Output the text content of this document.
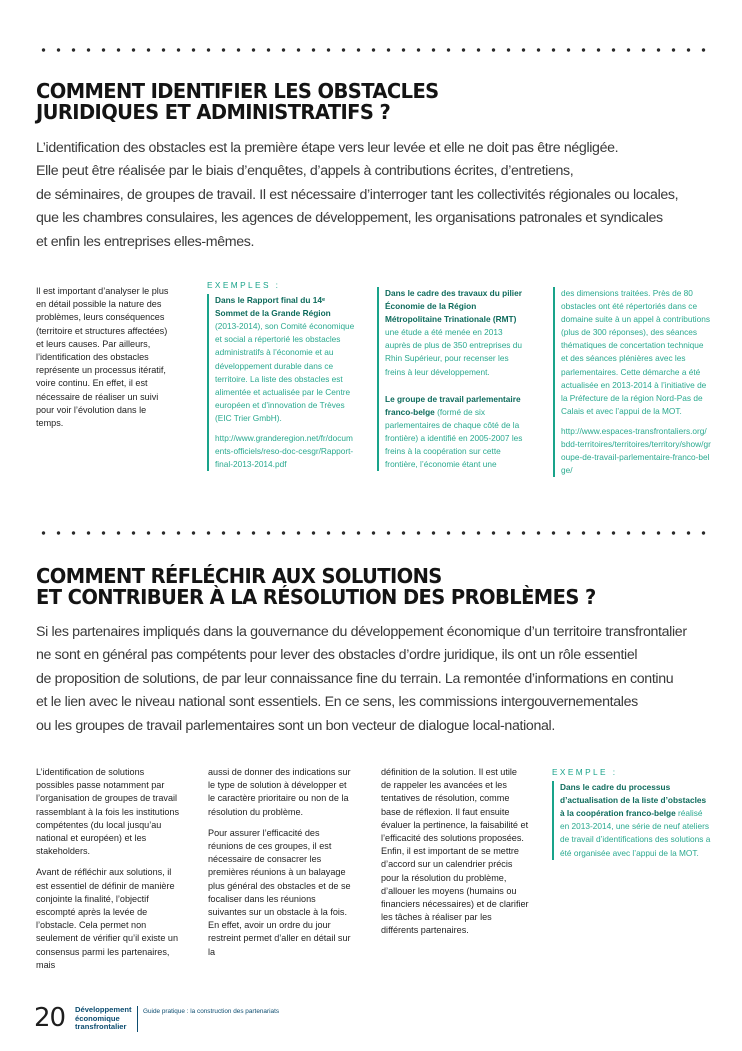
COMMENT IDENTIFIER LES OBSTACLES
JURIDIQUES ET ADMINISTRATIFS ?
L’identification des obstacles est la première étape vers leur levée et elle ne doit pas être négligée.
Elle peut être réalisée par le biais d’enquêtes, d’appels à contributions écrites, d’entretiens,
de séminaires, de groupes de travail. Il est nécessaire d’interroger tant les collectivités régionales ou locales,
que les chambres consulaires, les agences de développement, les organisations patronales et syndicales
et enfin les entreprises elles-mêmes.

Il est important d’analyser le plus en détail possible la nature des problèmes, leurs conséquences (territoire et structures affectées) et leurs causes. Par ailleurs, l’identification des obstacles représente un processus itératif, voire continu. En effet, il est nécessaire de réaliser un suivi pour voir l’évolution dans le temps.

EXEMPLES :

Dans le Rapport final du 14ᵉ Sommet de la Grande Région (2013-2014), son Comité économique et social a répertorié les obstacles administratifs à l’économie et au développement durable dans ce territoire. La liste des obstacles est alimentée et actualisée par le Centre européen et d’innovation de Trèves (EIC Trier GmbH).

http://www.granderegion.net/fr/documents-officiels/reso-doc-cesgr/Rapport-final-2013-2014.pdf

Dans le cadre des travaux du pilier Économie de la Région Métropolitaine Trinationale (RMT) une étude a été menée en 2013 auprès de plus de 350 entreprises du Rhin Supérieur, pour recenser les freins à leur développement.

Le groupe de travail parlementaire franco-belge (formé de six parlementaires de chaque côté de la frontière) a identifié en 2005-2007 les freins à la coopération sur cette frontière, l’économie étant une

des dimensions traitées. Près de 80 obstacles ont été répertoriés dans ce domaine suite à un appel à contributions (plus de 300 réponses), des séances thématiques de concertation technique et des séances plénières avec les parlementaires. Cette démarche a été actualisée en 2013-2014 à l’initiative de la Préfecture de la région Nord-Pas de Calais et avec l’appui de la MOT.

http://www.espaces-transfrontaliers.org/bdd-territoires/territoires/territory/show/groupe-de-travail-parlementaire-franco-belge/

COMMENT RÉFLÉCHIR AUX SOLUTIONS
ET CONTRIBUER À LA RÉSOLUTION DES PROBLÈMES ?
Si les partenaires impliqués dans la gouvernance du développement économique d’un territoire transfrontalier
ne sont en général pas compétents pour lever des obstacles d’ordre juridique, ils ont un rôle essentiel
de proposition de solutions, de par leur connaissance fine du terrain. La remontée d’informations en continu
et le lien avec le niveau national sont essentiels. En ce sens, les commissions intergouvernementales
ou les groupes de travail parlementaires sont un bon vecteur de dialogue local-national.

L’identification de solutions possibles passe notamment par l’organisation de groupes de travail rassemblant à la fois les institutions compétentes (du local jusqu’au national et européen) et les stakeholders.

Avant de réfléchir aux solutions, il est essentiel de définir de manière conjointe la finalité, l’objectif escompté après la levée de l’obstacle. Cela permet non seulement de vérifier qu’il existe un consensus parmi les partenaires, mais

aussi de donner des indications sur le type de solution à développer et le caractère prioritaire ou non de la résolution du problème.

Pour assurer l’efficacité des réunions de ces groupes, il est nécessaire de consacrer les premières réunions à un balayage plus général des obstacles et de se focaliser dans les réunions suivantes sur un obstacle à la fois. En effet, avoir un ordre du jour restreint permet d’aller en détail sur la

définition de la solution. Il est utile de rappeler les avancées et les tentatives de résolution, comme base de réflexion. Il faut ensuite évaluer la pertinence, la faisabilité et l’efficacité des solutions proposées. Enfin, il est important de se mettre d’accord sur un calendrier précis pour la résolution du problème, d’allouer les moyens (humains ou financiers nécessaires) et de clarifier les tâches à réaliser par les différents partenaires.

EXEMPLE :

Dans le cadre du processus d’actualisation de la liste d’obstacles à la coopération franco-belge réalisé en 2013-2014, une série de neuf ateliers de travail d’identifications des solutions a été organisée avec l’appui de la MOT.

20 Développement
économique
transfrontalier
Guide pratique : la construction des partenariats
